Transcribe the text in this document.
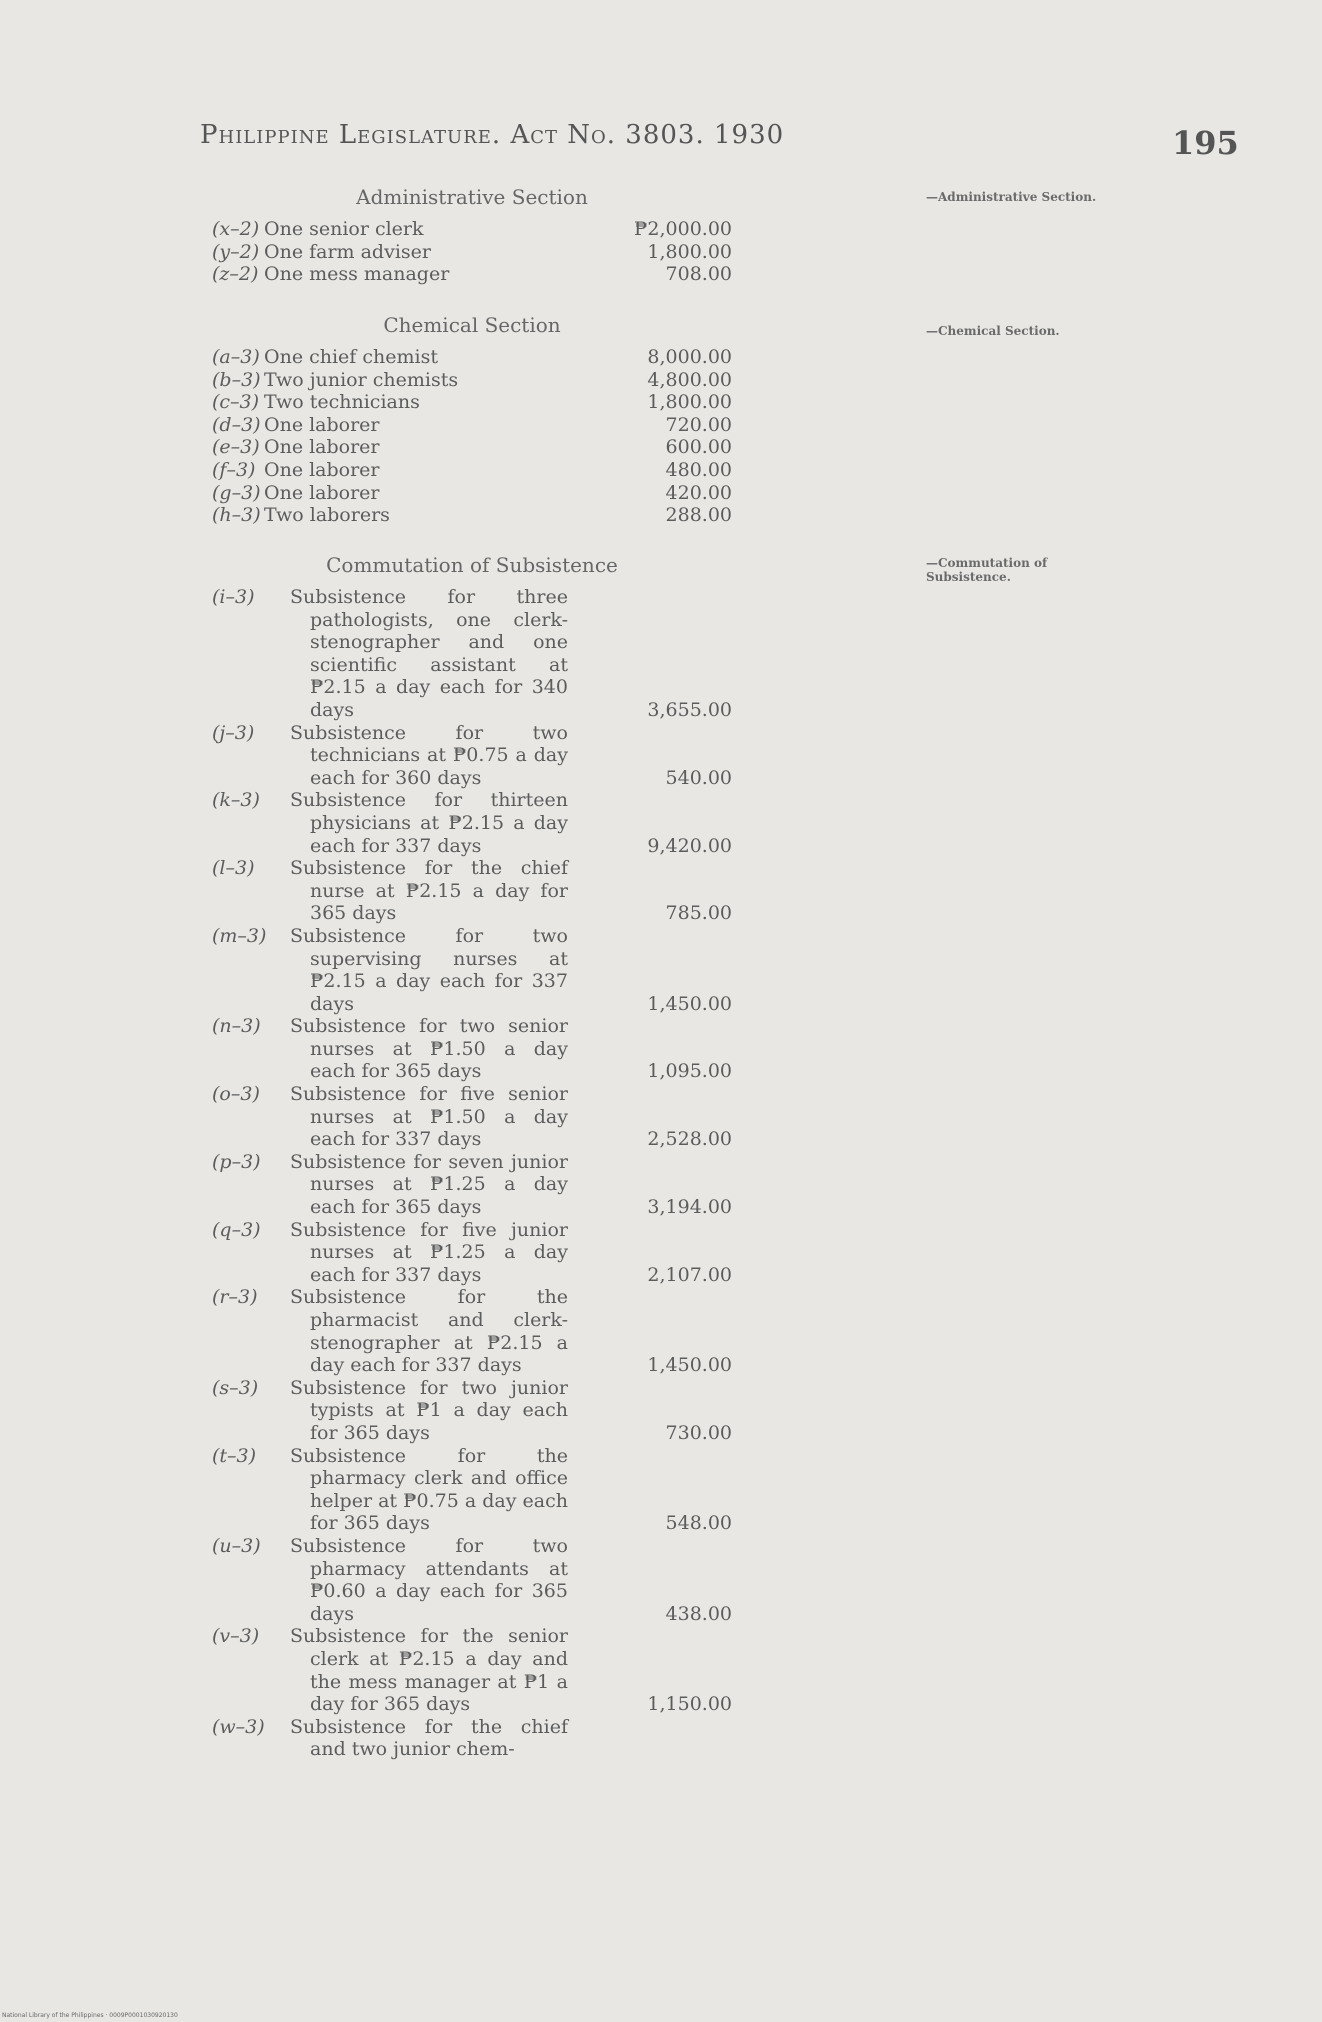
Philippine Legislature. Act No. 3803. 1930	195
Administrative Section
(x–2) One senior clerk	₱2,000.00
(y–2) One farm adviser	1,800.00
(z–2) One mess manager	708.00
—Administrative Section.
Chemical Section
(a–3) One chief chemist	8,000.00
(b–3) Two junior chemists	4,800.00
(c–3) Two technicians	1,800.00
(d–3) One laborer	720.00
(e–3) One laborer	600.00
(f–3) One laborer	480.00
(g–3) One laborer	420.00
(h–3) Two laborers	288.00
—Chemical Section.
Commutation of Subsistence
(i–3) Subsistence for three pathologists, one clerk-stenographer and one scientific assistant at ₱2.15 a day each for 340 days	3,655.00
(j–3) Subsistence for two technicians at ₱0.75 a day each for 360 days	540.00
(k–3) Subsistence for thirteen physicians at ₱2.15 a day each for 337 days	9,420.00
(l–3) Subsistence for the chief nurse at ₱2.15 a day for 365 days	785.00
(m–3) Subsistence for two supervising nurses at ₱2.15 a day each for 337 days	1,450.00
(n–3) Subsistence for two senior nurses at ₱1.50 a day each for 365 days	1,095.00
(o–3) Subsistence for five senior nurses at ₱1.50 a day each for 337 days	2,528.00
(p–3) Subsistence for seven junior nurses at ₱1.25 a day each for 365 days	3,194.00
(q–3) Subsistence for five junior nurses at ₱1.25 a day each for 337 days	2,107.00
(r–3) Subsistence for the pharmacist and clerk-stenographer at ₱2.15 a day each for 337 days	1,450.00
(s–3) Subsistence for two junior typists at ₱1 a day each for 365 days	730.00
(t–3) Subsistence for the pharmacy clerk and office helper at ₱0.75 a day each for 365 days	548.00
(u–3) Subsistence for two pharmacy attendants at ₱0.60 a day each for 365 days	438.00
(v–3) Subsistence for the senior clerk at ₱2.15 a day and the mess manager at ₱1 a day for 365 days	1,150.00
(w–3) Subsistence for the chief and two junior chem-
—Commutation of Subsistence.
National Library of the Philippines · 0009P0001030920130
